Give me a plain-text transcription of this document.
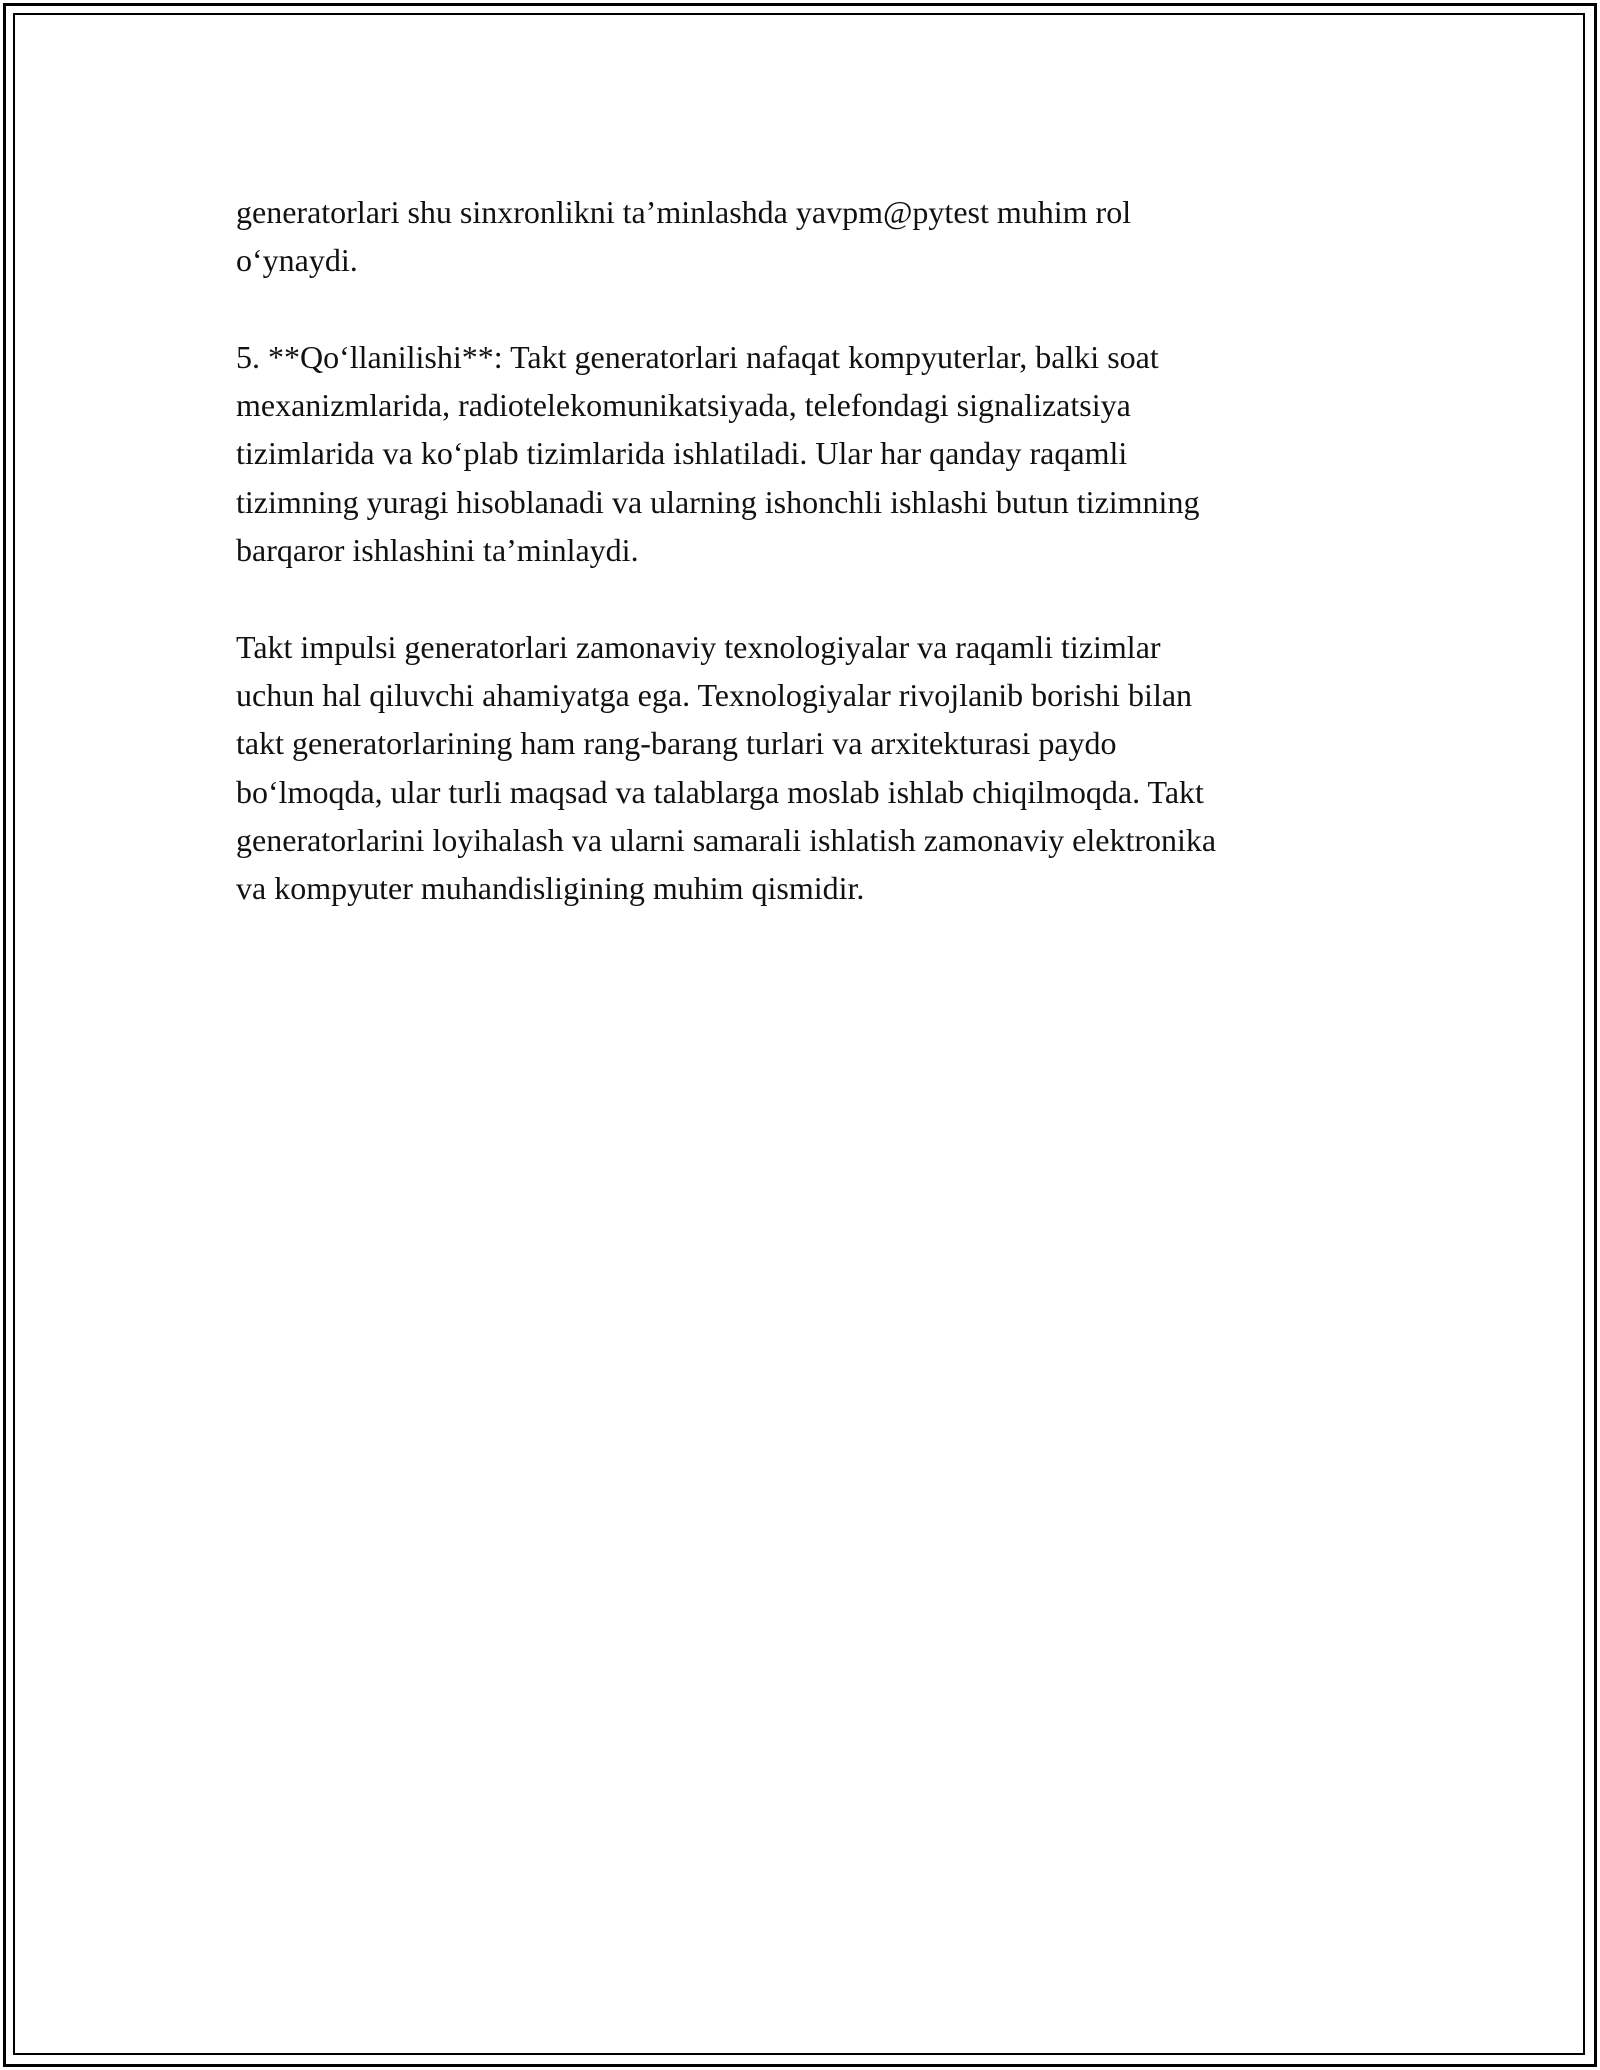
generatorlari shu sinxronlikni ta’minlashda yavpm@pytest muhim rol
o‘ynaydi.

5. **Qo‘llanilishi**: Takt generatorlari nafaqat kompyuterlar, balki soat
mexanizmlarida, radiotelekomunikatsiyada, telefondagi signalizatsiya
tizimlarida va ko‘plab tizimlarida ishlatiladi. Ular har qanday raqamli
tizimning yuragi hisoblanadi va ularning ishonchli ishlashi butun tizimning
barqaror ishlashini ta’minlaydi.

Takt impulsi generatorlari zamonaviy texnologiyalar va raqamli tizimlar
uchun hal qiluvchi ahamiyatga ega. Texnologiyalar rivojlanib borishi bilan
takt generatorlarining ham rang-barang turlari va arxitekturasi paydo
bo‘lmoqda, ular turli maqsad va talablarga moslab ishlab chiqilmoqda. Takt
generatorlarini loyihalash va ularni samarali ishlatish zamonaviy elektronika
va kompyuter muhandisligining muhim qismidir.
